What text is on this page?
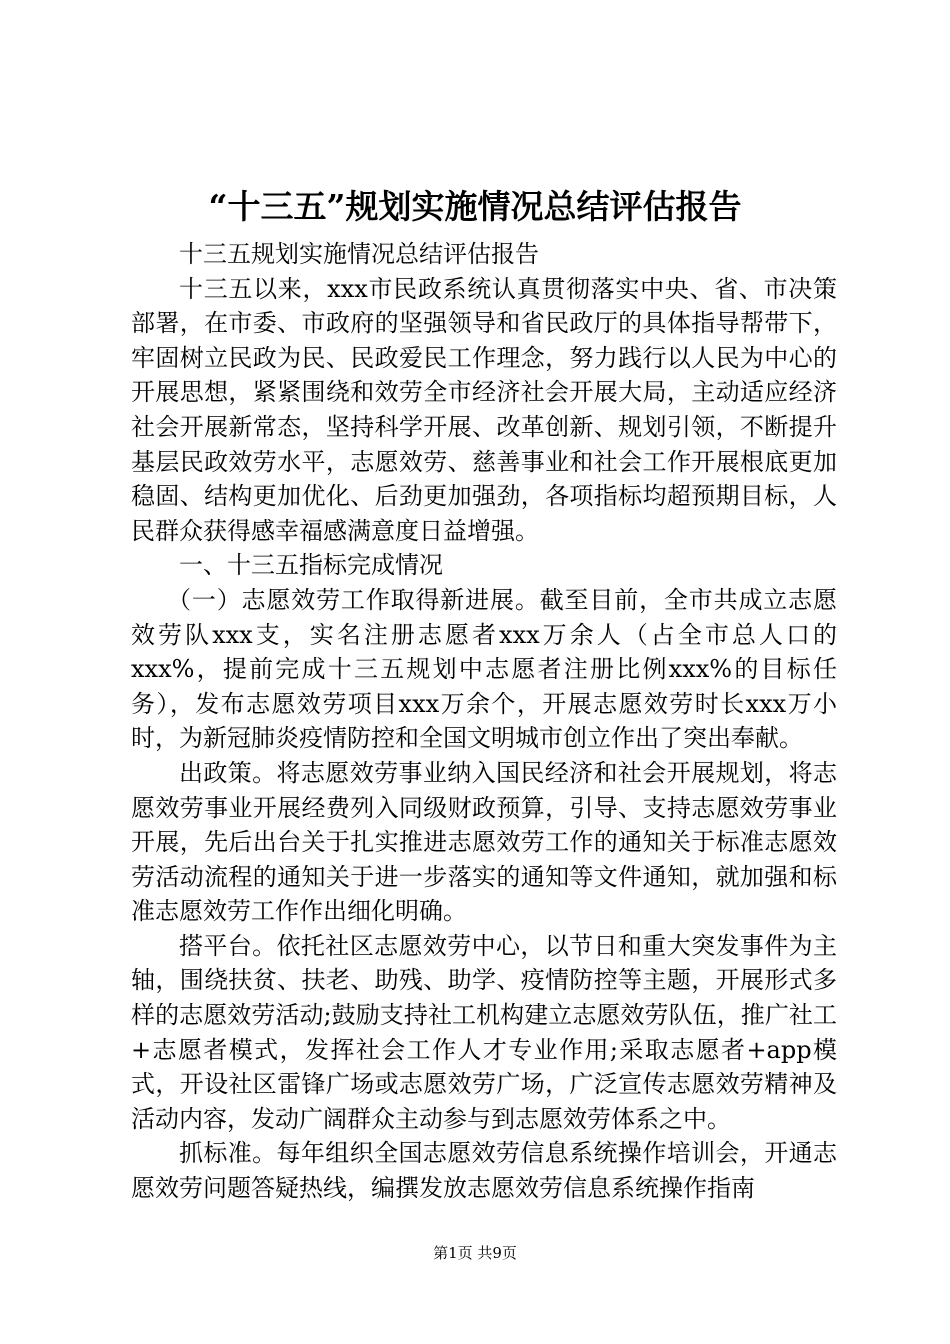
“十三五”规划实施情况总结评估报告

十三五规划实施情况总结评估报告

十三五以来，xxx市民政系统认真贯彻落实中央、省、市决策部署，在市委、市政府的坚强领导和省民政厅的具体指导帮带下，牢固树立民政为民、民政爱民工作理念，努力践行以人民为中心的开展思想，紧紧围绕和效劳全市经济社会开展大局，主动适应经济社会开展新常态，坚持科学开展、改革创新、规划引领，不断提升基层民政效劳水平，志愿效劳、慈善事业和社会工作开展根底更加稳固、结构更加优化、后劲更加强劲，各项指标均超预期目标，人民群众获得感幸福感满意度日益增强。

一、十三五指标完成情况

（一）志愿效劳工作取得新进展。截至目前，全市共成立志愿效劳队xxx支，实名注册志愿者xxx万余人（占全市总人口的xxx%，提前完成十三五规划中志愿者注册比例xxx%的目标任务），发布志愿效劳项目xxx万余个，开展志愿效劳时长xxx万小时，为新冠肺炎疫情防控和全国文明城市创立作出了突出奉献。

出政策。将志愿效劳事业纳入国民经济和社会开展规划，将志愿效劳事业开展经费列入同级财政预算，引导、支持志愿效劳事业开展，先后出台关于扎实推进志愿效劳工作的通知关于标准志愿效劳活动流程的通知关于进一步落实的通知等文件通知，就加强和标准志愿效劳工作作出细化明确。

搭平台。依托社区志愿效劳中心，以节日和重大突发事件为主轴，围绕扶贫、扶老、助残、助学、疫情防控等主题，开展形式多样的志愿效劳活动;鼓励支持社工机构建立志愿效劳队伍，推广社工+志愿者模式，发挥社会工作人才专业作用;采取志愿者+app模式，开设社区雷锋广场或志愿效劳广场，广泛宣传志愿效劳精神及活动内容，发动广阔群众主动参与到志愿效劳体系之中。

抓标准。每年组织全国志愿效劳信息系统操作培训会，开通志愿效劳问题答疑热线，编撰发放志愿效劳信息系统操作指南

第1页 共9页
